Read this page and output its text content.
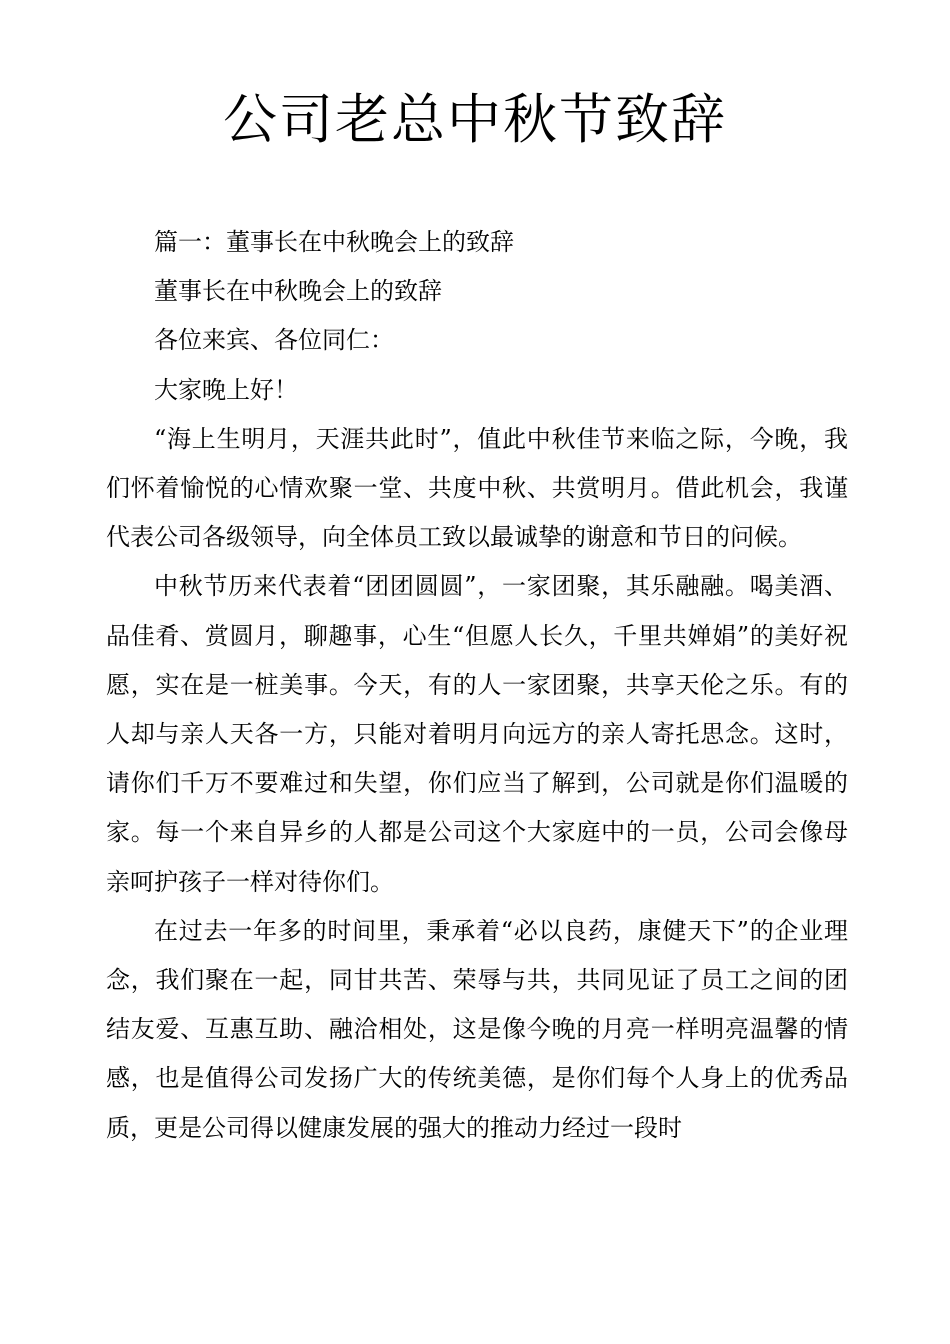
公司老总中秋节致辞

篇一：董事长在中秋晚会上的致辞

董事长在中秋晚会上的致辞

各位来宾、各位同仁：

大家晚上好！

“海上生明月，天涯共此时”，值此中秋佳节来临之际，今晚，我们怀着愉悦的心情欢聚一堂、共度中秋、共赏明月。借此机会，我谨代表公司各级领导，向全体员工致以最诚挚的谢意和节日的问候。

中秋节历来代表着“团团圆圆”，一家团聚，其乐融融。喝美酒、品佳肴、赏圆月，聊趣事，心生“但愿人长久，千里共婵娟”的美好祝愿，实在是一桩美事。今天，有的人一家团聚，共享天伦之乐。有的人却与亲人天各一方，只能对着明月向远方的亲人寄托思念。这时，请你们千万不要难过和失望，你们应当了解到，公司就是你们温暖的家。每一个来自异乡的人都是公司这个大家庭中的一员，公司会像母亲呵护孩子一样对待你们。

在过去一年多的时间里，秉承着“必以良药，康健天下”的企业理念，我们聚在一起，同甘共苦、荣辱与共，共同见证了员工之间的团结友爱、互惠互助、融洽相处，这是像今晚的月亮一样明亮温馨的情感，也是值得公司发扬广大的传统美德，是你们每个人身上的优秀品质，更是公司得以健康发展的强大的推动力经过一段时
